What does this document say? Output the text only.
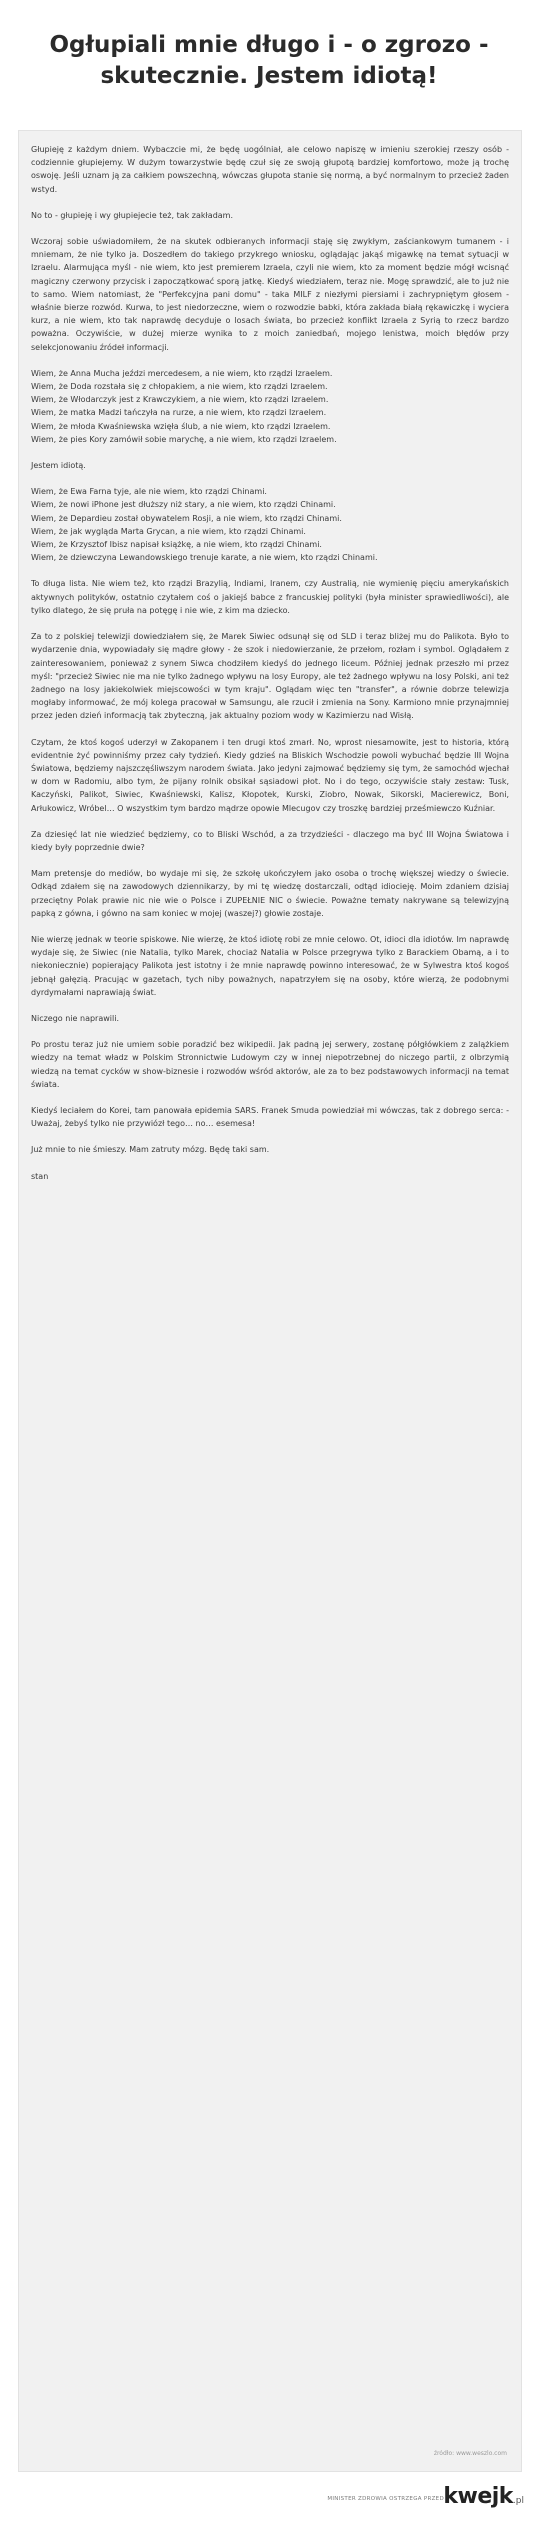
Ogłupiali mnie długo i - o zgrozo - skutecznie. Jestem idiotą!

Głupieję z każdym dniem. Wybaczcie mi, że będę uogólniał, ale celowo napiszę w imieniu szerokiej rzeszy osób - codziennie głupiejemy. W dużym towarzystwie będę czuł się ze swoją głupotą bardziej komfortowo, może ją trochę oswoję. Jeśli uznam ją za całkiem powszechną, wówczas głupota stanie się normą, a być normalnym to przecież żaden wstyd.

No to - głupieję i wy głupiejecie też, tak zakładam.

Wczoraj sobie uświadomiłem, że na skutek odbieranych informacji staję się zwykłym, zaściankowym tumanem - i mniemam, że nie tylko ja. Doszedłem do takiego przykrego wniosku, oglądając jakąś migawkę na temat sytuacji w Izraelu. Alarmująca myśl - nie wiem, kto jest premierem Izraela, czyli nie wiem, kto za moment będzie mógł wcisnąć magiczny czerwony przycisk i zapoczątkować sporą jatkę. Kiedyś wiedziałem, teraz nie. Mogę sprawdzić, ale to już nie to samo. Wiem natomiast, że "Perfekcyjna pani domu" - taka MILF z niezłymi piersiami i zachrypniętym głosem - właśnie bierze rozwód. Kurwa, to jest niedorzeczne, wiem o rozwodzie babki, która zakłada białą rękawiczkę i wyciera kurz, a nie wiem, kto tak naprawdę decyduje o losach świata, bo przecież konflikt Izraela z Syrią to rzecz bardzo poważna. Oczywiście, w dużej mierze wynika to z moich zaniedbań, mojego lenistwa, moich błędów przy selekcjonowaniu źródeł informacji.

Wiem, że Anna Mucha jeździ mercedesem, a nie wiem, kto rządzi Izraelem.
Wiem, że Doda rozstała się z chłopakiem, a nie wiem, kto rządzi Izraelem.
Wiem, że Włodarczyk jest z Krawczykiem, a nie wiem, kto rządzi Izraelem.
Wiem, że matka Madzi tańczyła na rurze, a nie wiem, kto rządzi Izraelem.
Wiem, że młoda Kwaśniewska wzięła ślub, a nie wiem, kto rządzi Izraelem.
Wiem, że pies Kory zamówił sobie marychę, a nie wiem, kto rządzi Izraelem.

Jestem idiotą.

Wiem, że Ewa Farna tyje, ale nie wiem, kto rządzi Chinami.
Wiem, że nowi iPhone jest dłuższy niż stary, a nie wiem, kto rządzi Chinami.
Wiem, że Depardieu został obywatelem Rosji, a nie wiem, kto rządzi Chinami.
Wiem, że jak wygląda Marta Grycan, a nie wiem, kto rządzi Chinami.
Wiem, że Krzysztof Ibisz napisał książkę, a nie wiem, kto rządzi Chinami.
Wiem, że dziewczyna Lewandowskiego trenuje karate, a nie wiem, kto rządzi Chinami.

To długa lista. Nie wiem też, kto rządzi Brazylią, Indiami, Iranem, czy Australią, nie wymienię pięciu amerykańskich aktywnych polityków, ostatnio czytałem coś o jakiejś babce z francuskiej polityki (była minister sprawiedliwości), ale tylko dlatego, że się pruła na potęgę i nie wie, z kim ma dziecko.

Za to z polskiej telewizji dowiedziałem się, że Marek Siwiec odsunął się od SLD i teraz bliżej mu do Palikota. Było to wydarzenie dnia, wypowiadały się mądre głowy - że szok i niedowierzanie, że przełom, rozłam i symbol. Oglądałem z zainteresowaniem, ponieważ z synem Siwca chodziłem kiedyś do jednego liceum. Później jednak przeszło mi przez myśl: "przecież Siwiec nie ma nie tylko żadnego wpływu na losy Europy, ale też żadnego wpływu na losy Polski, ani też żadnego na losy jakiekolwiek miejscowości w tym kraju". Oglądam więc ten "transfer", a równie dobrze telewizja mogłaby informować, że mój kolega pracował w Samsungu, ale rzucił i zmienia na Sony. Karmiono mnie przynajmniej przez jeden dzień informacją tak zbyteczną, jak aktualny poziom wody w Kazimierzu nad Wisłą.

Czytam, że ktoś kogoś uderzył w Zakopanem i ten drugi ktoś zmarł. No, wprost niesamowite, jest to historia, którą evidentnie żyć powinniśmy przez cały tydzień. Kiedy gdzieś na Bliskich Wschodzie powoli wybuchać będzie III Wojna Światowa, będziemy najszczęśliwszym narodem świata. Jako jedyni zajmować będziemy się tym, że samochód wjechał w dom w Radomiu, albo tym, że pijany rolnik obsikał sąsiadowi płot. No i do tego, oczywiście stały zestaw: Tusk, Kaczyński, Palikot, Siwiec, Kwaśniewski, Kalisz, Kłopotek, Kurski, Ziobro, Nowak, Sikorski, Macierewicz, Boni, Arłukowicz, Wróbel… O wszystkim tym bardzo mądrze opowie Mlecugov czy troszkę bardziej prześmiewczo Kuźniar.

Za dziesięć lat nie wiedzieć będziemy, co to Bliski Wschód, a za trzydzieści - dlaczego ma być III Wojna Światowa i kiedy były poprzednie dwie?

Mam pretensje do mediów, bo wydaje mi się, że szkołę ukończyłem jako osoba o trochę większej wiedzy o świecie. Odkąd zdałem się na zawodowych dziennikarzy, by mi tę wiedzę dostarczali, odtąd idiocieję. Moim zdaniem dzisiaj przeciętny Polak prawie nic nie wie o Polsce i ZUPEŁNIE NIC o świecie. Poważne tematy nakrywane są telewizyjną papką z gówna, i gówno na sam koniec w mojej (waszej?) głowie zostaje.

Nie wierzę jednak w teorie spiskowe. Nie wierzę, że ktoś idiotę robi ze mnie celowo. Ot, idioci dla idiotów. Im naprawdę wydaje się, że Siwiec (nie Natalia, tylko Marek, chociaż Natalia w Polsce przegrywa tylko z Barackiem Obamą, a i to niekoniecznie) popierający Palikota jest istotny i że mnie naprawdę powinno interesować, że w Sylwestra ktoś kogoś jebnął gałęzią. Pracując w gazetach, tych niby poważnych, napatrzyłem się na osoby, które wierzą, że podobnymi dyrdymałami naprawiają świat.

Niczego nie naprawili.

Po prostu teraz już nie umiem sobie poradzić bez wikipedii. Jak padną jej serwery, zostanę półgłówkiem z zalążkiem wiedzy na temat władz w Polskim Stronnictwie Ludowym czy w innej niepotrzebnej do niczego partii, z olbrzymią wiedzą na temat cycków w show-biznesie i rozwodów wśród aktorów, ale za to bez podstawowych informacji na temat świata.

Kiedyś leciałem do Korei, tam panowała epidemia SARS. Franek Smuda powiedział mi wówczas, tak z dobrego serca: - Uważaj, żebyś tylko nie przywiózł tego… no… esemesa!

Już mnie to nie śmieszy. Mam zatruty mózg. Będę taki sam.

stan

źródło: www.weszlo.com
MINISTER ZDROWIA OSTRZEGA PRZED kwejk.pl
